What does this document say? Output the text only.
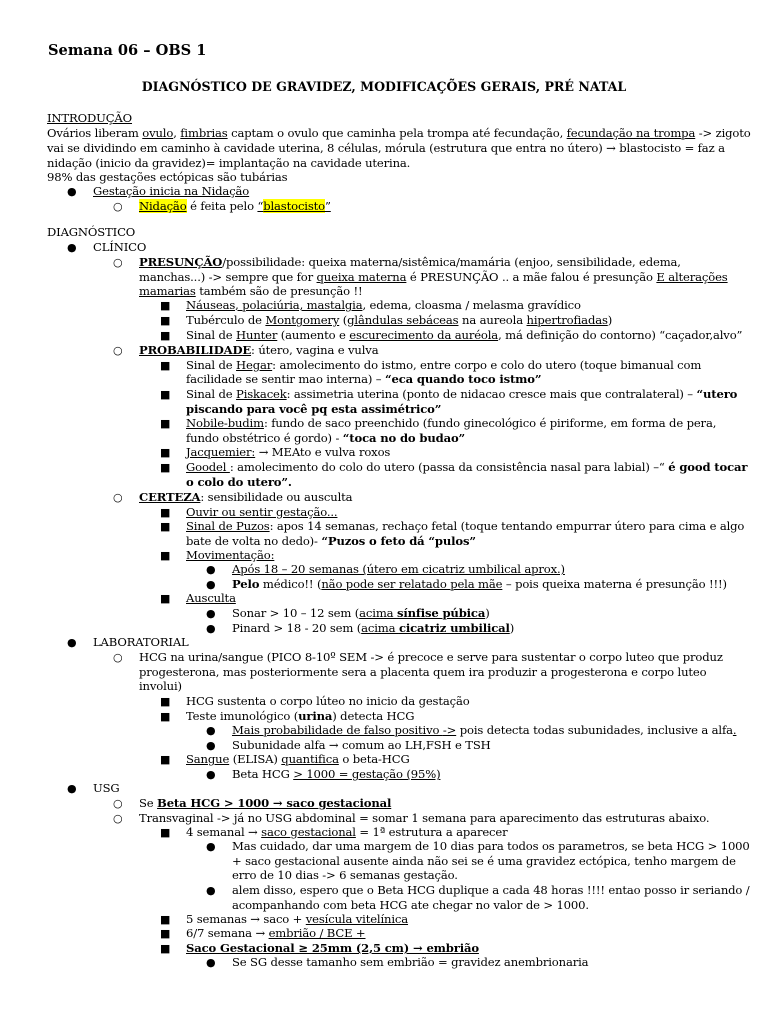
Semana 06 – OBS 1
DIAGNÓSTICO DE GRAVIDEZ, MODIFICAÇÕES GERAIS, PRÉ NATAL
INTRODUÇÃO
Ovários liberam ovulo, fimbrias captam o ovulo que caminha pela trompa até fecundação, fecundação na trompa -> zigoto
vai se dividindo em caminho à cavidade uterina, 8 células, mórula (estrutura que entra no útero) → blastocisto = faz a
nidação (inicio da gravidez)= implantação na cavidade uterina.
98% das gestações ectópicas são tubárias
● Gestação inicia na Nidação
○ Nidação é feita pelo “blastocisto”
DIAGNÓSTICO
● CLÍNICO
○ PRESUNÇÃO/possibilidade: queixa materna/sistêmica/mamária (enjoo, sensibilidade, edema,
manchas...) -> sempre que for queixa materna é PRESUNÇÃO .. a mãe falou é presunção E alterações
mamarias também são de presunção !!
■ Náuseas, polaciúria, mastalgia, edema, cloasma / melasma gravídico
■ Tubérculo de Montgomery (glândulas sebáceas na aureola hipertrofiadas)
■ Sinal de Hunter (aumento e escurecimento da auréola, má definição do contorno) “caçador,alvo”
○ PROBABILIDADE: útero, vagina e vulva
■ Sinal de Hegar: amolecimento do istmo, entre corpo e colo do utero (toque bimanual com
facilidade se sentir mao interna) – “eca quando toco istmo”
■ Sinal de Piskacek: assimetria uterina (ponto de nidacao cresce mais que contralateral) – “utero
piscando para você pq esta assimétrico”
■ Nobile-budim: fundo de saco preenchido (fundo ginecológico é piriforme, em forma de pera,
fundo obstétrico é gordo) - “toca no do budao”
■ Jacquemier: → MEAto e vulva roxos
■ Goodel : amolecimento do colo do utero (passa da consistência nasal para labial) –“ é good tocar
o colo do utero”.
○ CERTEZA: sensibilidade ou ausculta
■ Ouvir ou sentir gestação...
■ Sinal de Puzos: apos 14 semanas, rechaço fetal (toque tentando empurrar útero para cima e algo
bate de volta no dedo)- “Puzos o feto dá “pulos”
■ Movimentação:
● Após 18 – 20 semanas (útero em cicatriz umbilical aprox.)
● Pelo médico!! (não pode ser relatado pela mãe – pois queixa materna é presunção !!!)
■ Ausculta
● Sonar > 10 – 12 sem (acima sínfise púbica)
● Pinard > 18 - 20 sem (acima cicatriz umbilical)
● LABORATORIAL
○ HCG na urina/sangue (PICO 8-10º SEM -> é precoce e serve para sustentar o corpo luteo que produz
progesterona, mas posteriormente sera a placenta quem ira produzir a progesterona e corpo luteo
involui)
■ HCG sustenta o corpo lúteo no inicio da gestação
■ Teste imunológico (urina) detecta HCG
● Mais probabilidade de falso positivo -> pois detecta todas subunidades, inclusive a alfa.
● Subunidade alfa → comum ao LH,FSH e TSH
■ Sangue (ELISA) quantifica o beta-HCG
● Beta HCG > 1000 = gestação (95%)
● USG
○ Se Beta HCG > 1000 → saco gestacional
○ Transvaginal -> já no USG abdominal = somar 1 semana para aparecimento das estruturas abaixo.
■ 4 semanal → saco gestacional = 1ª estrutura a aparecer
● Mas cuidado, dar uma margem de 10 dias para todos os parametros, se beta HCG > 1000
+ saco gestacional ausente ainda não sei se é uma gravidez ectópica, tenho margem de
erro de 10 dias -> 6 semanas gestação.
● alem disso, espero que o Beta HCG duplique a cada 48 horas !!!! entao posso ir seriando /
acompanhando com beta HCG ate chegar no valor de > 1000.
■ 5 semanas → saco + vesícula vitelínica
■ 6/7 semana → embrião / BCE +
■ Saco Gestacional ≥ 25mm (2,5 cm) → embrião
● Se SG desse tamanho sem embrião = gravidez anembrionaria
